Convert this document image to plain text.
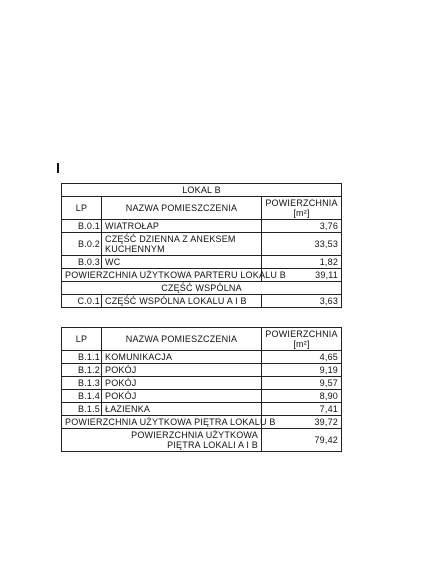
LOKAL B		
LP	NAZWA POMIESZCZENIA	POWIERZCHNIA
[m²]
B.0.1	WIATROŁAP	3,76
B.0.2	CZĘŚĆ DZIENNA Z ANEKSEM KUCHENNYM	33,53
B.0.3	WC	1,82
POWIERZCHNIA UŻYTKOWA PARTERU LOKALU B		39,11
CZĘŚĆ WSPÓLNA		
C.0.1	CZĘŚĆ WSPÓLNA LOKALU A I B	3,63
LP	NAZWA POMIESZCZENIA	POWIERZCHNIA
[m²]
B.1.1	KOMUNIKACJA	4,65
B.1.2	POKÓJ	9,19
B.1.3	POKÓJ	9,57
B.1.4	POKÓJ	8,90
B.1.5	ŁAZIENKA	7,41
POWIERZCHNIA UŻYTKOWA PIĘTRA LOKALU B		39,72
POWIERZCHNIA UŻYTKOWA PIĘTRA LOKALI A I B		79,42
